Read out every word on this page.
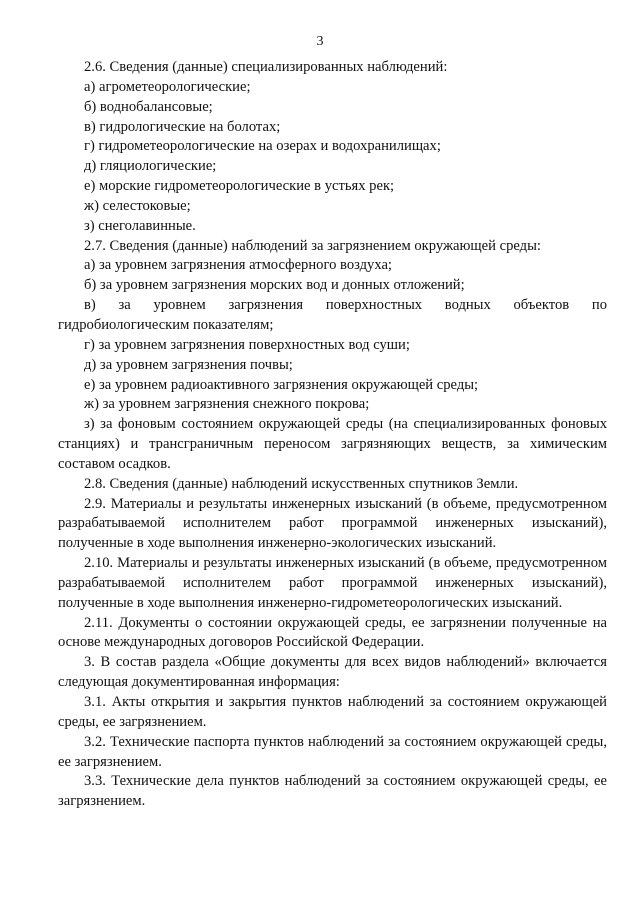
3

2.6. Сведения (данные) специализированных наблюдений:

а) агрометеорологические;

б) воднобалансовые;

в) гидрологические на болотах;

г) гидрометеорологические на озерах и водохранилищах;

д) гляциологические;

е) морские гидрометеорологические в устьях рек;

ж) селестоковые;

з) снеголавинные.

2.7. Сведения (данные) наблюдений за загрязнением окружающей среды:

а) за уровнем загрязнения атмосферного воздуха;

б) за уровнем загрязнения морских вод и донных отложений;

в) за уровнем загрязнения поверхностных водных объектов по гидробиологическим показателям;

г) за уровнем загрязнения поверхностных вод суши;

д) за уровнем загрязнения почвы;

е) за уровнем радиоактивного загрязнения окружающей среды;

ж) за уровнем загрязнения снежного покрова;

з) за фоновым состоянием окружающей среды (на специализированных фоновых станциях) и трансграничным переносом загрязняющих веществ, за химическим составом осадков.

2.8. Сведения (данные) наблюдений искусственных спутников Земли.

2.9. Материалы и результаты инженерных изысканий (в объеме, предусмотренном разрабатываемой исполнителем работ программой инженерных изысканий), полученные в ходе выполнения инженерно-экологических изысканий.

2.10. Материалы и результаты инженерных изысканий (в объеме, предусмотренном разрабатываемой исполнителем работ программой инженерных изысканий), полученные в ходе выполнения инженерно-гидрометеорологических изысканий.

2.11. Документы о состоянии окружающей среды, ее загрязнении полученные на основе международных договоров Российской Федерации.

3. В состав раздела «Общие документы для всех видов наблюдений» включается следующая документированная информация:

3.1. Акты открытия и закрытия пунктов наблюдений за состоянием окружающей среды, ее загрязнением.

3.2. Технические паспорта пунктов наблюдений за состоянием окружающей среды, ее загрязнением.

3.3. Технические дела пунктов наблюдений за состоянием окружающей среды, ее загрязнением.
